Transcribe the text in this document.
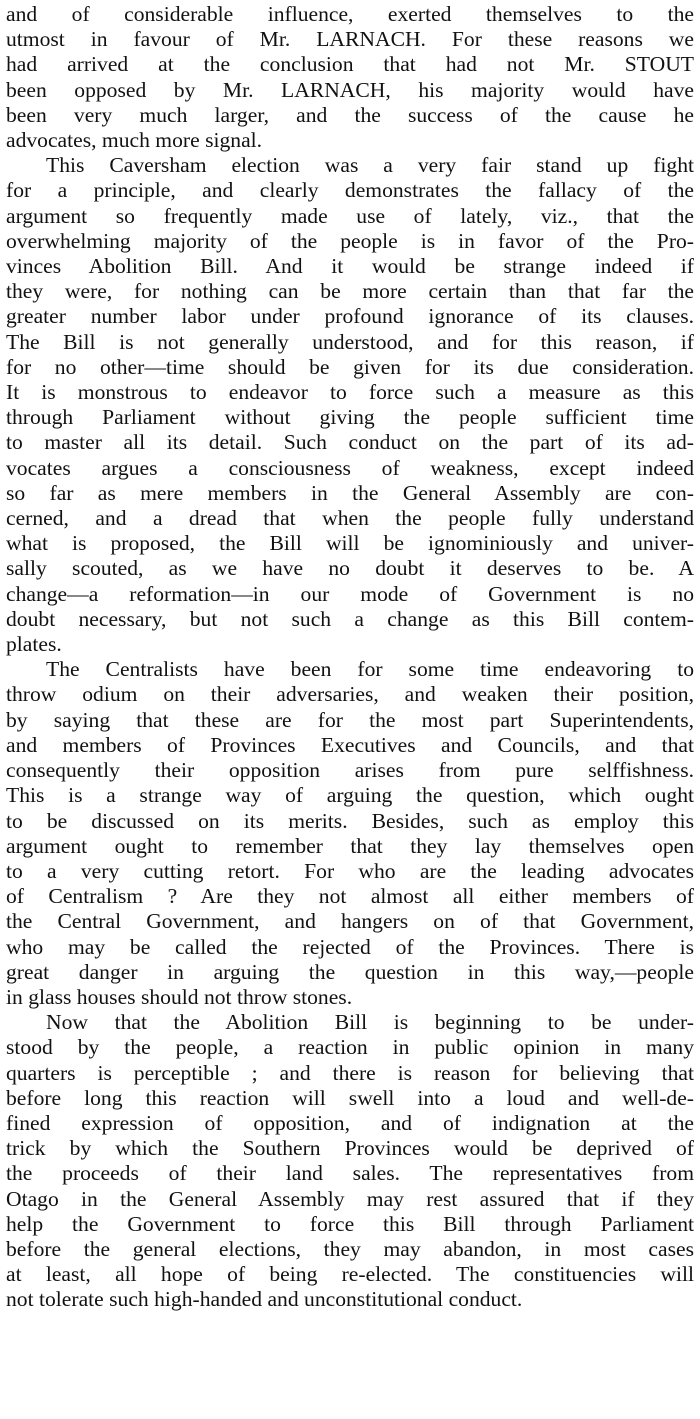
and of considerable influence, exerted themselves to the
utmost in favour of Mr. LARNACH. For these reasons we
had arrived at the conclusion that had not Mr. STOUT
been opposed by Mr. LARNACH, his majority would have
been very much larger, and the success of the cause he
advocates, much more signal.
This Caversham election was a very fair stand up fight
for a principle, and clearly demonstrates the fallacy of the
argument so frequently made use of lately, viz., that the
overwhelming majority of the people is in favor of the Pro-
vinces Abolition Bill. And it would be strange indeed if
they were, for nothing can be more certain than that far the
greater number labor under profound ignorance of its clauses.
The Bill is not generally understood, and for this reason, if
for no other—time should be given for its due consideration.
It is monstrous to endeavor to force such a measure as this
through Parliament without giving the people sufficient time
to master all its detail. Such conduct on the part of its ad-
vocates argues a consciousness of weakness, except indeed
so far as mere members in the General Assembly are con-
cerned, and a dread that when the people fully understand
what is proposed, the Bill will be ignominiously and univer-
sally scouted, as we have no doubt it deserves to be. A
change—a reformation—in our mode of Government is no
doubt necessary, but not such a change as this Bill contem-
plates.
The Centralists have been for some time endeavoring to
throw odium on their adversaries, and weaken their position,
by saying that these are for the most part Superintendents,
and members of Provinces Executives and Councils, and that
consequently their opposition arises from pure selffishness.
This is a strange way of arguing the question, which ought
to be discussed on its merits. Besides, such as employ this
argument ought to remember that they lay themselves open
to a very cutting retort. For who are the leading advocates
of Centralism ? Are they not almost all either members of
the Central Government, and hangers on of that Government,
who may be called the rejected of the Provinces. There is
great danger in arguing the question in this way,—people
in glass houses should not throw stones.
Now that the Abolition Bill is beginning to be under-
stood by the people, a reaction in public opinion in many
quarters is perceptible ; and there is reason for believing that
before long this reaction will swell into a loud and well-de-
fined expression of opposition, and of indignation at the
trick by which the Southern Provinces would be deprived of
the proceeds of their land sales. The representatives from
Otago in the General Assembly may rest assured that if they
help the Government to force this Bill through Parliament
before the general elections, they may abandon, in most cases
at least, all hope of being re-elected. The constituencies will
not tolerate such high-handed and unconstitutional conduct.
